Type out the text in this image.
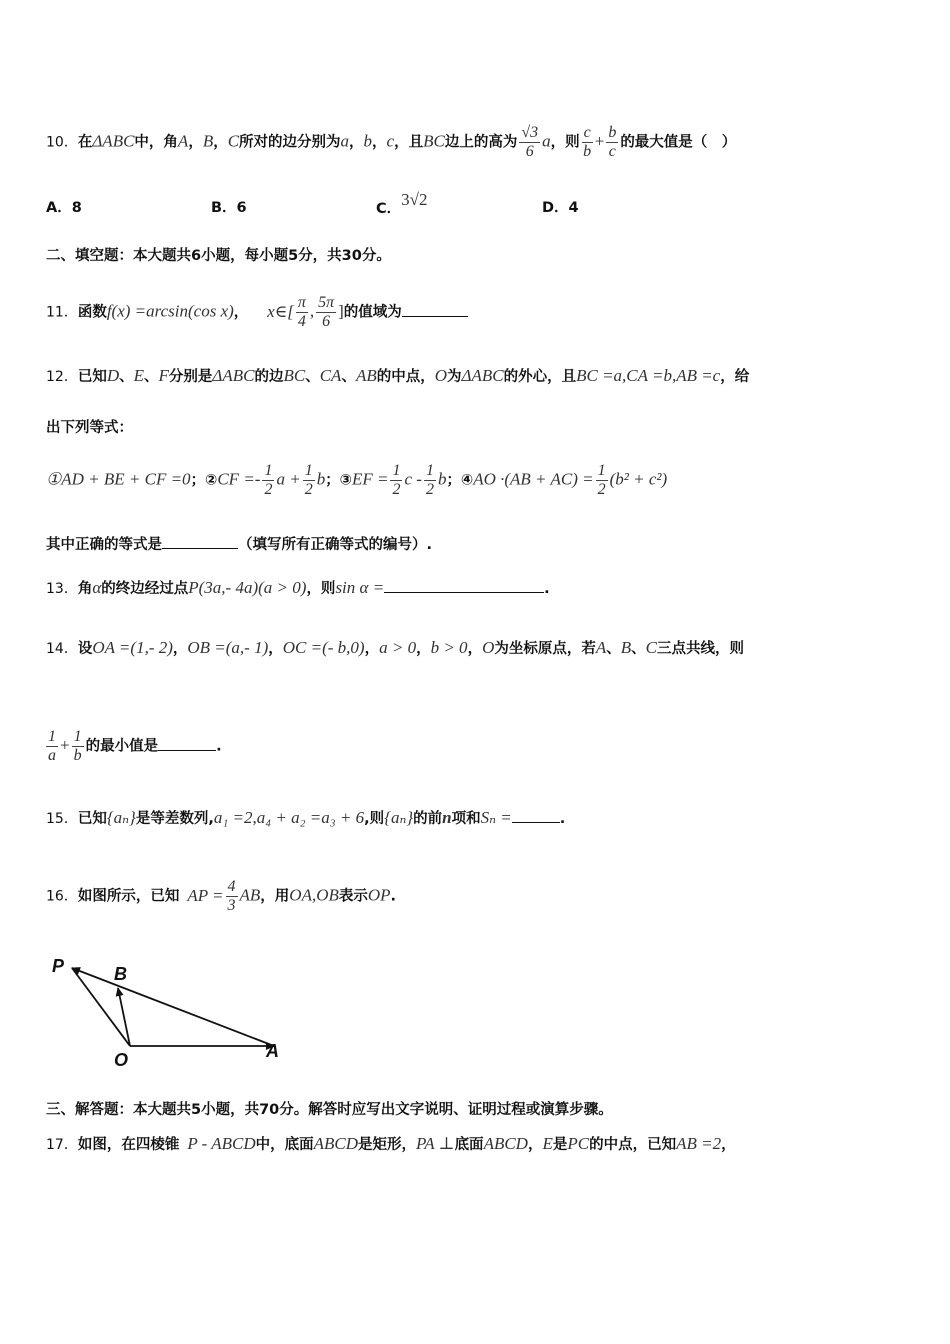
10．在ΔABC中，角A，B，C所对的边分别为a，b，c，且BC边上的高为 $\frac{√3}{6}$ a，则 $\frac{c}{b} + \frac{b}{c}$ 的最大值是（　）
A．8	B．6	C．3√2	D．4
二、填空题：本大题共6小题，每小题5分，共30分。
11．函数f(x) =arcsin(cos x)， x∈[ $\frac{\pi}{4}$ , $\frac{5\pi}{6}$ ]的值域为
12．已知D、E、F分别是ΔABC的边BC、CA、AB的中点，O为ΔABC的外心，且BC =a,CA =b,AB =c，给
出下列等式：
①AD + BE + CF =0；②CF =- $\frac{1}{2}$ $a + \frac{1}{2}$ b；③EF = $\frac{1}{2}$ c - $\frac{1}{2}$ b；④AO $\cdot(AB + AC) = \frac{1}{2} (b^2 + c^2)$
其中正确的等式是	（填写所有正确等式的编号）.
13．角α的终边经过点P(3a,- 4a)(a > 0)，则sin α =	.
14．设OA =(1,- 2)，OB =(a,- 1)，OC =(- b,0)，a > 0，b > 0，O为坐标原点，若A、B、C三点共线，则
$\frac{1}{a} + \frac{1}{b}$ 的最小值是	.
15．已知{aₙ}是等差数列,a₁ =2,a₄ + a₂ =a₃ + 6,则{aₙ}的前n项和Sₙ =	.
16．如图所示，已知 AP = $\frac{4}{3}$ AB，用OA,OB表示OP.
P	B
O	A
三、解答题：本大题共5小题，共70分。解答时应写出文字说明、证明过程或演算步骤。
17．如图，在四棱锥 P - ABCD中，底面ABCD是矩形，PA ⊥底面ABCD，E是PC的中点，已知AB =2，
